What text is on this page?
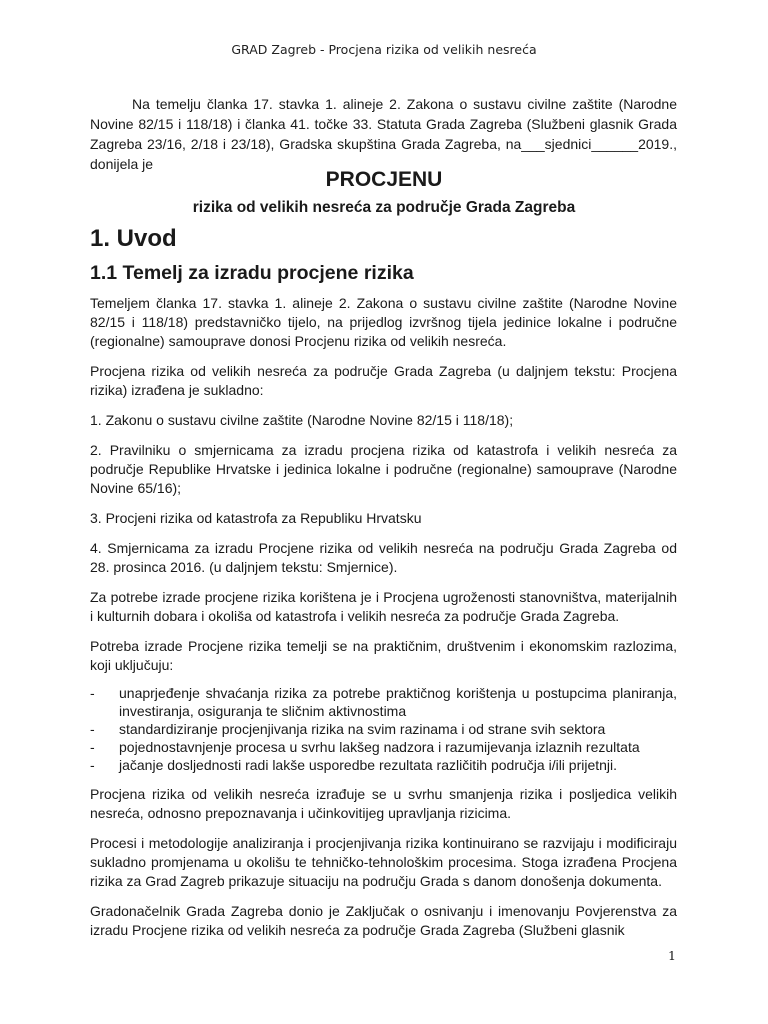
GRAD Zagreb - Procjena rizika od velikih nesreća

Na temelju članka 17. stavka 1. alineje 2. Zakona o sustavu civilne zaštite (Narodne Novine 82/15 i 118/18) i članka 41. točke 33. Statuta Grada Zagreba (Službeni glasnik Grada Zagreba 23/16, 2/18 i 23/18), Gradska skupština Grada Zagreba, na___sjednici______2019., donijela je

PROCJENU
rizika od velikih nesreća za područje Grada Zagreba
1. Uvod
1.1 Temelj za izradu procjene rizika

Temeljem članka 17. stavka 1. alineje 2. Zakona o sustavu civilne zaštite (Narodne Novine 82/15 i 118/18) predstavničko tijelo, na prijedlog izvršnog tijela jedinice lokalne i područne (regionalne) samouprave donosi Procjenu rizika od velikih nesreća.

Procjena rizika od velikih nesreća za područje Grada Zagreba (u daljnjem tekstu: Procjena rizika) izrađena je sukladno:

1. Zakonu o sustavu civilne zaštite (Narodne Novine 82/15 i 118/18);

2. Pravilniku o smjernicama za izradu procjena rizika od katastrofa i velikih nesreća za područje Republike Hrvatske i jedinica lokalne i područne (regionalne) samouprave (Narodne Novine 65/16);

3. Procjeni rizika od katastrofa za Republiku Hrvatsku

4. Smjernicama za izradu Procjene rizika od velikih nesreća na području Grada Zagreba od 28. prosinca 2016. (u daljnjem tekstu: Smjernice).

Za potrebe izrade procjene rizika korištena je i Procjena ugroženosti stanovništva, materijalnih i kulturnih dobara i okoliša od katastrofa i velikih nesreća za područje Grada Zagreba.

Potreba izrade Procjene rizika temelji se na praktičnim, društvenim i ekonomskim razlozima, koji uključuju:

- unaprjeđenje shvaćanja rizika za potrebe praktičnog korištenja u postupcima planiranja, investiranja, osiguranja te sličnim aktivnostima
- standardiziranje procjenjivanja rizika na svim razinama i od strane svih sektora
- pojednostavnjenje procesa u svrhu lakšeg nadzora i razumijevanja izlaznih rezultata
- jačanje dosljednosti radi lakše usporedbe rezultata različitih područja i/ili prijetnji.

Procjena rizika od velikih nesreća izrađuje se u svrhu smanjenja rizika i posljedica velikih nesreća, odnosno prepoznavanja i učinkovitijeg upravljanja rizicima.

Procesi i metodologije analiziranja i procjenjivanja rizika kontinuirano se razvijaju i modificiraju sukladno promjenama u okolišu te tehničko-tehnološkim procesima. Stoga izrađena Procjena rizika za Grad Zagreb prikazuje situaciju na području Grada s danom donošenja dokumenta.

Gradonačelnik Grada Zagreba donio je Zaključak o osnivanju i imenovanju Povjerenstva za izradu Procjene rizika od velikih nesreća za područje Grada Zagreba (Službeni glasnik

1
